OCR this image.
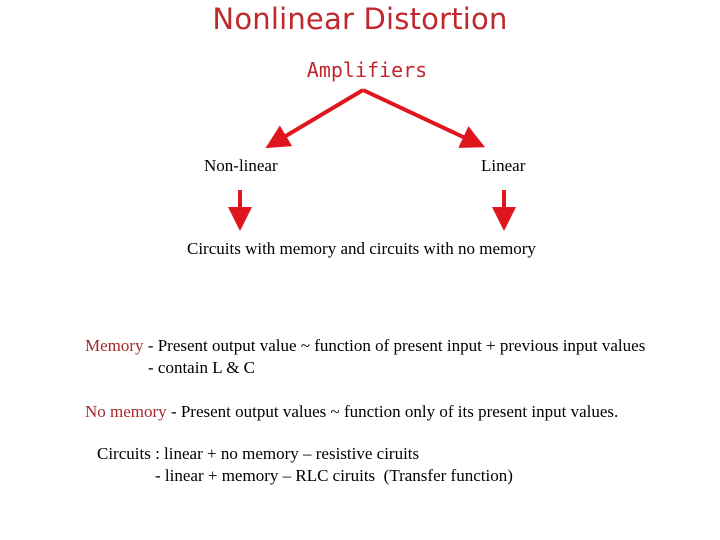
Nonlinear Distortion
Amplifiers
Non-linear	Linear
Circuits with memory and circuits with no memory
Memory - Present output value ~ function of present input + previous input values
- contain L & C
No memory - Present output values ~ function only of its present input values.
Circuits : linear + no memory – resistive ciruits
- linear + memory – RLC ciruits  (Transfer function)
